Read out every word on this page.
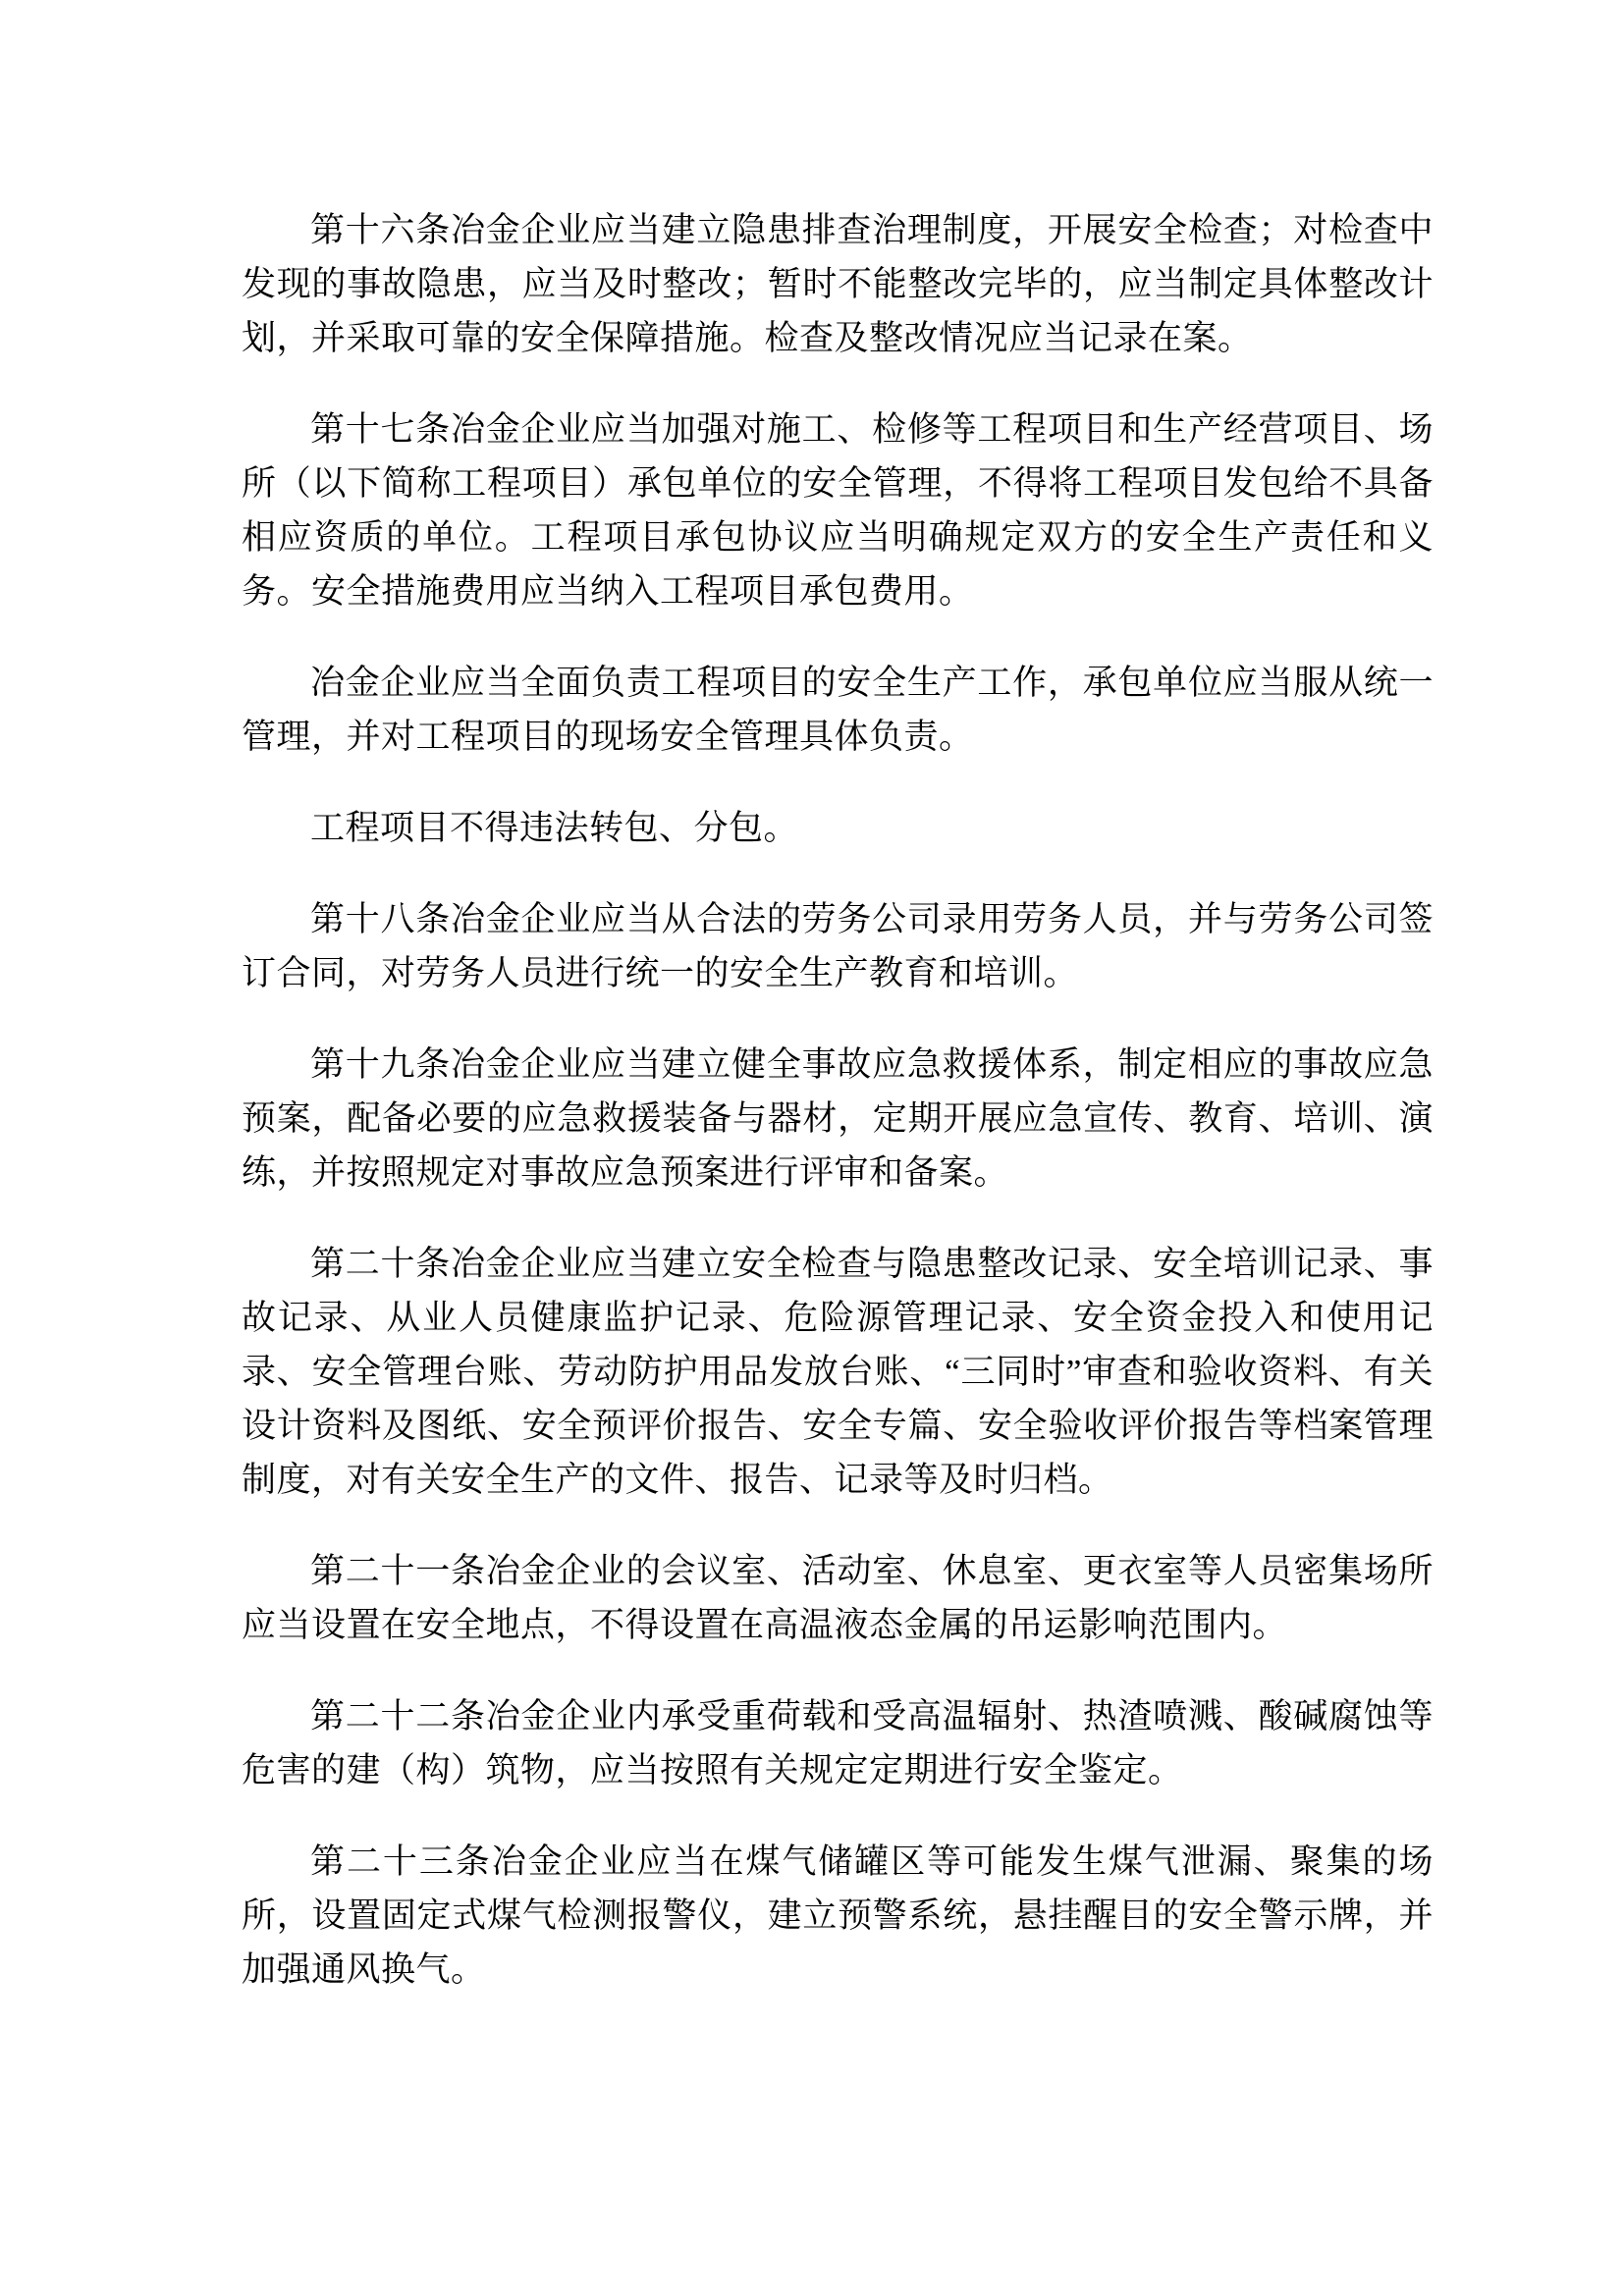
第十六条冶金企业应当建立隐患排查治理制度，开展安全检查；对检查中发现的事故隐患，应当及时整改；暂时不能整改完毕的，应当制定具体整改计划，并采取可靠的安全保障措施。检查及整改情况应当记录在案。

第十七条冶金企业应当加强对施工、检修等工程项目和生产经营项目、场所（以下简称工程项目）承包单位的安全管理，不得将工程项目发包给不具备相应资质的单位。工程项目承包协议应当明确规定双方的安全生产责任和义务。安全措施费用应当纳入工程项目承包费用。

冶金企业应当全面负责工程项目的安全生产工作，承包单位应当服从统一管理，并对工程项目的现场安全管理具体负责。

工程项目不得违法转包、分包。

第十八条冶金企业应当从合法的劳务公司录用劳务人员，并与劳务公司签订合同，对劳务人员进行统一的安全生产教育和培训。

第十九条冶金企业应当建立健全事故应急救援体系，制定相应的事故应急预案，配备必要的应急救援装备与器材，定期开展应急宣传、教育、培训、演练，并按照规定对事故应急预案进行评审和备案。

第二十条冶金企业应当建立安全检查与隐患整改记录、安全培训记录、事故记录、从业人员健康监护记录、危险源管理记录、安全资金投入和使用记录、安全管理台账、劳动防护用品发放台账、“三同时”审查和验收资料、有关设计资料及图纸、安全预评价报告、安全专篇、安全验收评价报告等档案管理制度，对有关安全生产的文件、报告、记录等及时归档。

第二十一条冶金企业的会议室、活动室、休息室、更衣室等人员密集场所应当设置在安全地点，不得设置在高温液态金属的吊运影响范围内。

第二十二条冶金企业内承受重荷载和受高温辐射、热渣喷溅、酸碱腐蚀等危害的建（构）筑物，应当按照有关规定定期进行安全鉴定。

第二十三条冶金企业应当在煤气储罐区等可能发生煤气泄漏、聚集的场所，设置固定式煤气检测报警仪，建立预警系统，悬挂醒目的安全警示牌，并加强通风换气。
